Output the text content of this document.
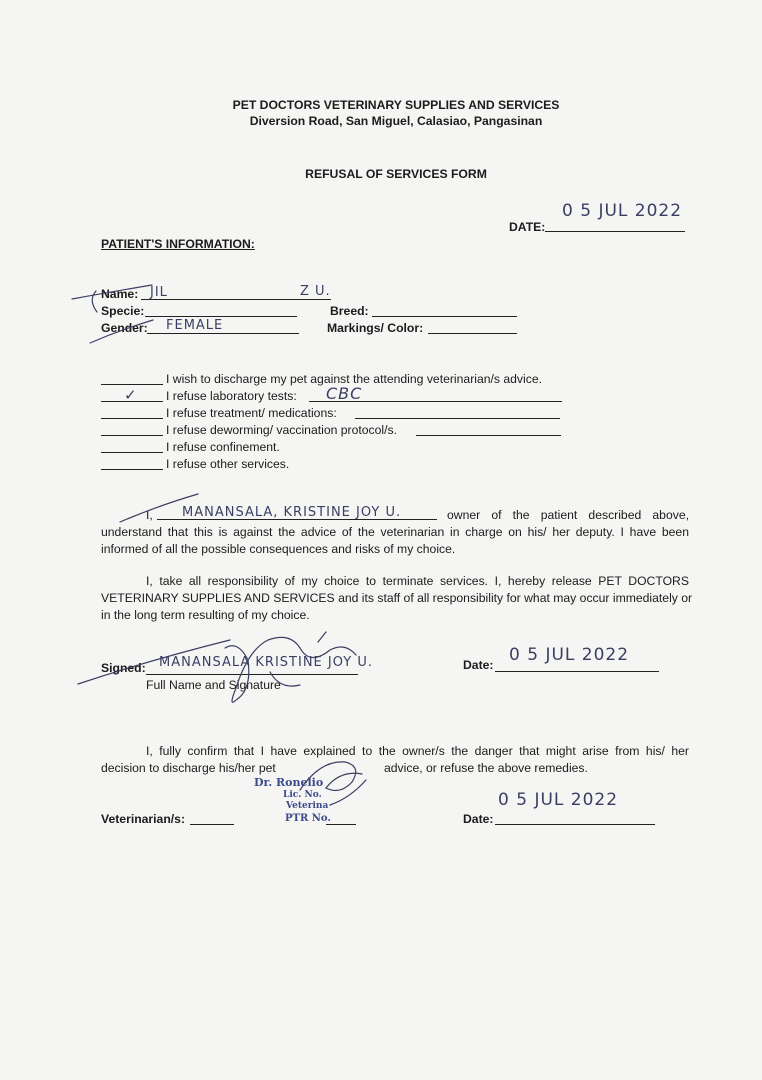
PET DOCTORS VETERINARY SUPPLIES AND SERVICES
Diversion Road, San Miguel, Calasiao, Pangasinan
REFUSAL OF SERVICES FORM
0 5 JUL 2022
DATE:
PATIENT'S INFORMATION:
Name: JIL	Z U.
Specie:	Breed:
Gender: FEMALE	Markings/ Color:
I wish to discharge my pet against the attending veterinarian/s advice.
✓ I refuse laboratory tests: CBC
I refuse treatment/ medications:
I refuse deworming/ vaccination protocol/s.
I refuse confinement.
I refuse other services.
I, MANANSALA, KRISTINE JOY U.	owner of the patient described above,
understand that this is against the advice of the veterinarian in charge on his/ her deputy. I have been
informed of all the possible consequences and risks of my choice.
I, take all responsibility of my choice to terminate services. I, hereby release PET DOCTORS
VETERINARY SUPPLIES AND SERVICES and its staff of all responsibility for what may occur immediately or
in the long term resulting of my choice.
Signed: MANANSALA KRISTINE JOY U.
Full Name and Signature
Date: 0 5 JUL 2022
I, fully confirm that I have explained to the owner/s the danger that might arise from his/ her
decision to discharge his/her pet	advice, or refuse the above remedies.
Veterinarian/s:
Dr. Ronelio
Lic. No.
Veterina
PTR No.	Date:
0 5 JUL 2022
